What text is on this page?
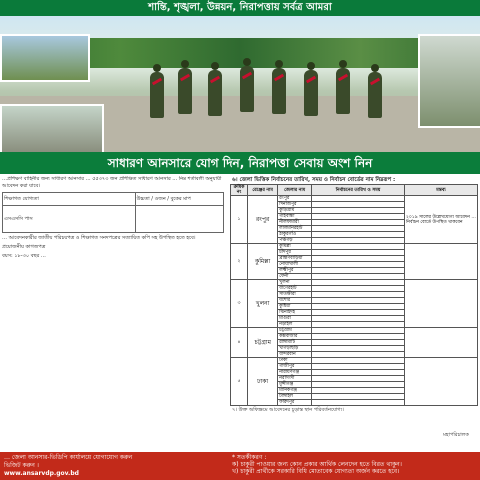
শান্তি, শৃঙ্খলা, উন্নয়ন, নিরাপত্তায় সর্বত্র আমরা
সাধারণ আনসারে যোগ দিন, নিরাপত্তা সেবায় অংশ নিন

…প্রশিক্ষণ বাহিনীর জন্য সাধারণ আনসার … ৫৫৩৭৩ জন প্রশিক্ষিত সাধারণ আনসার … নিম্ন শর্তাবলী অনুযায়ী আবেদন করা যাবে।

শিক্ষাগত যোগ্যতা	উচ্চতা / ওজন / বুকের মাপ
এসএসসি পাস	

… আবেদনকারীর জাতীয় পরিচয়পত্র ও শিক্ষাগত সনদপত্রের সত্যায়িত কপি সহ উপস্থিত হতে হবে।

প্রয়োজনীয় কাগজপত্র

বয়স: ১৮-৩০ বছর …

৬। জেলা ভিত্তিক নির্বাচনের তারিখ, সময় ও নির্বাচন বোর্ডের নাম নিম্নরূপ :
ক্রমিক নং	রেঞ্জের নাম	জেলার নাম	নির্বাচনের তারিখ ও সময়	মন্তব্য
১	রংপুর	রংপুর		২০১৯ সালের উল্লেখযোগ্য আবেদন … নির্বাচন বোর্ডে উপস্থিত থাকবেন
		দিনাজপুর		
		কুড়িগ্রাম		
		গাইবান্ধা		
		নীলফামারী		
		লালমনিরহাট		
		ঠাকুরগাঁও		
		পঞ্চগড়		
২	কুমিল্লা	কুমিল্লা		
		চাঁদপুর		
		ব্রাহ্মণবাড়িয়া		
		নোয়াখালী		
		লক্ষ্মীপুর		
		ফেনী		
৩	খুলনা	খুলনা		
		বাগেরহাট		
		সাতক্ষীরা		
		যশোর		
		কুষ্টিয়া		
		ঝিনাইদহ		
		মাগুরা		
		নড়াইল		
৪	চট্টগ্রাম	চট্টগ্রাম		
		কক্সবাজার		
		রাঙ্গামাটি		
		খাগড়াছড়ি		
		বান্দরবান		
৫	ঢাকা	ঢাকা		
		গাজীপুর		
		নারায়ণগঞ্জ		
		নরসিংদী		
		মুন্সীগঞ্জ		
		মানিকগঞ্জ		
		টাঙ্গাইল		
		ফরিদপুর		
৭। উক্ত অফিস্ক্রমে আবেদনের চূড়ান্ত স্থান পরিবর্তনযোগ্য।
মহাপরিচালক
… জেলা আনসার-ভিডিপি কার্যালয়ে যোগাযোগ করুন
ভিজিট করুন ।
www.ansarvdp.gov.bd
* সতর্কীকরণ :
ক) চাকুরী পাওয়ার জন্য কোন প্রকার আর্থিক লেনদেন হতে বিরত থাকুন।
খ) চাকুরী প্রার্থীকে সরকারি বিধি মোতাবেক যোগ্যতা অর্জন করতে হবে।
